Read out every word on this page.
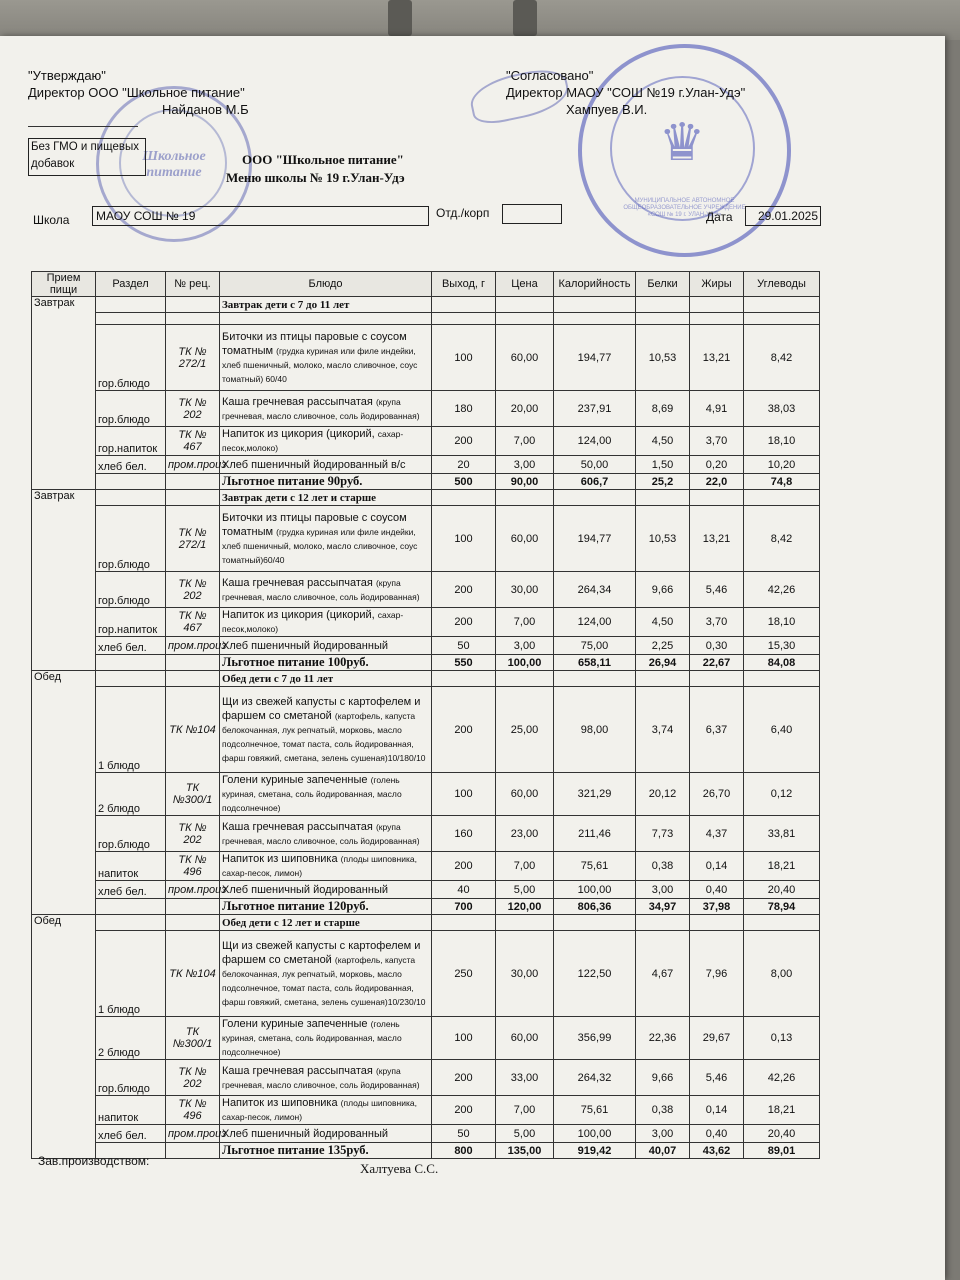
Школьное питание
♛
МУНИЦИПАЛЬНОЕ АВТОНОМНОЕ ОБЩЕОБРАЗОВАТЕЛЬНОЕ УЧРЕЖДЕНИЕ «СОШ № 19 г. УЛАН-УДЭ»
"Утверждаю"
Директор ООО "Школьное питание"
Найданов М.Б
"Согласовано"
Директор МАОУ "СОШ №19 г.Улан-Удэ"
Хампуев В.И.
Без ГМО и пищевых добавок	ООО "Школьное питание"
Меню школы № 19 г.Улан-Удэ
Школа	МАОУ СОШ № 19	Отд./корп	Дата	29.01.2025
Прием пищи	Раздел	№ рец.	Блюдо	Выход, г	Цена	Калорийность	Белки	Жиры	Углеводы
Завтрак			Завтрак дети с 7 до 11 лет						

	гор.блюдо	ТК № 272/1	Биточки из птицы паровые с соусом томатным (грудка куриная или филе индейки, хлеб пшеничный, молоко, масло сливочное, соус томатный) 60/40	100	60,00	194,77	10,53	13,21	8,42
	гор.блюдо	ТК № 202	Каша гречневая рассыпчатая (крупа гречневая, масло сливочное, соль йодированная)	180	20,00	237,91	8,69	4,91	38,03
	гор.напиток	ТК № 467	Напиток из цикория (цикорий, сахар-песок,молоко)	200	7,00	124,00	4,50	3,70	18,10
	хлеб бел.	пром.произ	Хлеб пшеничный йодированный в/с	20	3,00	50,00	1,50	0,20	10,20
			Льготное питание 90руб.	500	90,00	606,7	25,2	22,0	74,8
Завтрак			Завтрак дети с 12 лет и старше						
	гор.блюдо	ТК № 272/1	Биточки из птицы паровые с соусом томатным (грудка куриная или филе индейки, хлеб пшеничный, молоко, масло сливочное, соус томатный)60/40	100	60,00	194,77	10,53	13,21	8,42
	гор.блюдо	ТК № 202	Каша гречневая рассыпчатая (крупа гречневая, масло сливочное, соль йодированная)	200	30,00	264,34	9,66	5,46	42,26
	гор.напиток	ТК № 467	Напиток из цикория (цикорий, сахар-песок,молоко)	200	7,00	124,00	4,50	3,70	18,10
	хлеб бел.	пром.произ	Хлеб пшеничный йодированный	50	3,00	75,00	2,25	0,30	15,30
			Льготное питание 100руб.	550	100,00	658,11	26,94	22,67	84,08
Обед			Обед дети с 7 до 11 лет						
	1 блюдо	ТК №104	Щи из свежей капусты с картофелем и фаршем со сметаной (картофель, капуста белокочанная, лук репчатый, морковь, масло подсолнечное, томат паста, соль йодированная, фарш говяжий, сметана, зелень сушеная)10/180/10	200	25,00	98,00	3,74	6,37	6,40
	2 блюдо	ТК №300/1	Голени куриные запеченные (голень куриная, сметана, соль йодированная, масло подсолнечное)	100	60,00	321,29	20,12	26,70	0,12
	гор.блюдо	ТК № 202	Каша гречневая рассыпчатая (крупа гречневая, масло сливочное, соль йодированная)	160	23,00	211,46	7,73	4,37	33,81
	напиток	ТК № 496	Напиток из шиповника (плоды шиповника, сахар-песок, лимон)	200	7,00	75,61	0,38	0,14	18,21
	хлеб бел.	пром.произ	Хлеб пшеничный йодированный	40	5,00	100,00	3,00	0,40	20,40
			Льготное питание 120руб.	700	120,00	806,36	34,97	37,98	78,94
Обед			Обед дети с 12 лет и старше						
	1 блюдо	ТК №104	Щи из свежей капусты с картофелем и фаршем со сметаной (картофель, капуста белокочанная, лук репчатый, морковь, масло подсолнечное, томат паста, соль йодированная, фарш говяжий, сметана, зелень сушеная)10/230/10	250	30,00	122,50	4,67	7,96	8,00
	2 блюдо	ТК №300/1	Голени куриные запеченные (голень куриная, сметана, соль йодированная, масло подсолнечное)	100	60,00	356,99	22,36	29,67	0,13
	гор.блюдо	ТК № 202	Каша гречневая рассыпчатая (крупа гречневая, масло сливочное, соль йодированная)	200	33,00	264,32	9,66	5,46	42,26
	напиток	ТК № 496	Напиток из шиповника (плоды шиповника, сахар-песок, лимон)	200	7,00	75,61	0,38	0,14	18,21
	хлеб бел.	пром.произ	Хлеб пшеничный йодированный	50	5,00	100,00	3,00	0,40	20,40
			Льготное питание 135руб.	800	135,00	919,42	40,07	43,62	89,01
Зав.производством:	Халтуева С.С.
